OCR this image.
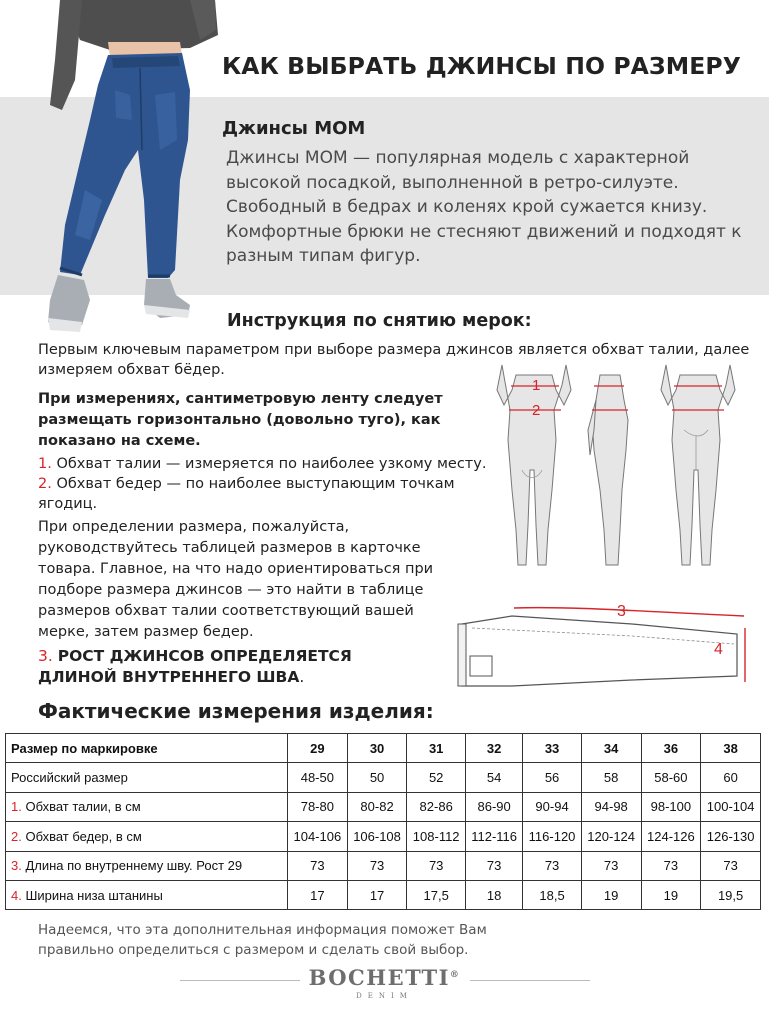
КАК ВЫБРАТЬ ДЖИНСЫ ПО РАЗМЕРУ
Джинсы MOM
Джинсы МОМ — популярная модель с характерной высокой посадкой, выполненной в ретро-силуэте. Свободный в бедрах и коленях крой сужается книзу. Комфортные брюки не стесняют движений и подходят к разным типам фигур.
Инструкция по снятию мерок:
Первым ключевым параметром при выборе размера джинсов является обхват талии, далее измеряем обхват бёдер.
При измерениях, сантиметровую ленту следует размещать горизонтально (довольно туго), как показано на схеме.
1. Обхват талии — измеряется по наиболее узкому месту.
2. Обхват бедер — по наиболее выступающим точкам ягодиц.
При определении размера, пожалуйста, руководствуйтесь таблицей размеров в карточке товара. Главное, на что надо ориентироваться при подборе размера джинсов — это найти в таблице размеров обхват талии соответствующий вашей мерке, затем размер бедер.
3. РОСТ ДЖИНСОВ ОПРЕДЕЛЯЕТСЯ ДЛИНОЙ ВНУТРЕННЕГО ШВА.
1
2
3
4
Фактические измерения изделия:
Размер по маркировке	29	30	31	32	33	34	36	38
Российский размер	48-50	50	52	54	56	58	58-60	60
1. Обхват талии, в см	78-80	80-82	82-86	86-90	90-94	94-98	98-100	100-104
2. Обхват бедер, в см	104-106	106-108	108-112	112-116	116-120	120-124	124-126	126-130
3. Длина по внутреннему шву. Рост 29	73	73	73	73	73	73	73	73
4. Ширина низа штанины	17	17	17,5	18	18,5	19	19	19,5
Надеемся, что эта дополнительная информация поможет Вам правильно определиться с размером и сделать свой выбор.
BOCHETTI®
DENIM
